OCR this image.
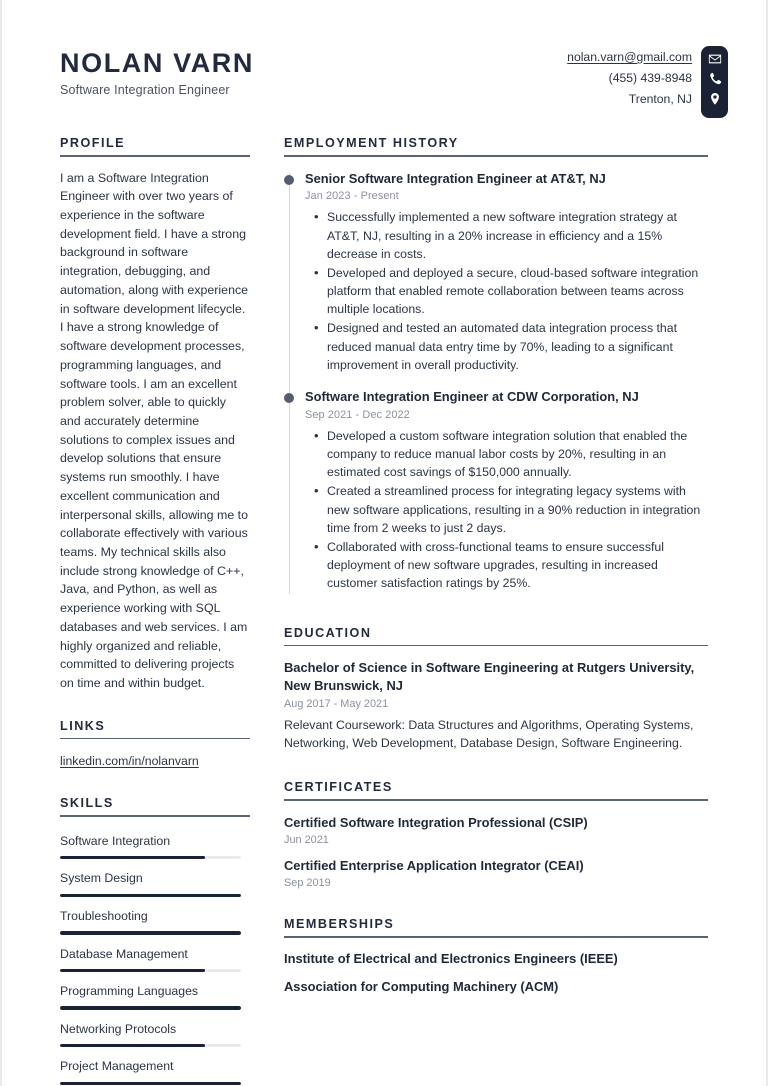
NOLAN VARN
Software Integration Engineer
nolan.varn@gmail.com
(455) 439-8948
Trenton, NJ
PROFILE
I am a Software Integration Engineer with over two years of experience in the software development field. I have a strong background in software integration, debugging, and automation, along with experience in software development lifecycle. I have a strong knowledge of software development processes, programming languages, and software tools. I am an excellent problem solver, able to quickly and accurately determine solutions to complex issues and develop solutions that ensure systems run smoothly. I have excellent communication and interpersonal skills, allowing me to collaborate effectively with various teams. My technical skills also include strong knowledge of C++, Java, and Python, as well as experience working with SQL databases and web services. I am highly organized and reliable, committed to delivering projects on time and within budget.
LINKS
linkedin.com/in/nolanvarn
SKILLS
Software Integration
System Design
Troubleshooting
Database Management
Programming Languages
Networking Protocols
Project Management
EMPLOYMENT HISTORY
Senior Software Integration Engineer at AT&T, NJ
Jan 2023 - Present
• Successfully implemented a new software integration strategy at AT&T, NJ, resulting in a 20% increase in efficiency and a 15% decrease in costs.
• Developed and deployed a secure, cloud-based software integration platform that enabled remote collaboration between teams across multiple locations.
• Designed and tested an automated data integration process that reduced manual data entry time by 70%, leading to a significant improvement in overall productivity.
Software Integration Engineer at CDW Corporation, NJ
Sep 2021 - Dec 2022
• Developed a custom software integration solution that enabled the company to reduce manual labor costs by 20%, resulting in an estimated cost savings of $150,000 annually.
• Created a streamlined process for integrating legacy systems with new software applications, resulting in a 90% reduction in integration time from 2 weeks to just 2 days.
• Collaborated with cross-functional teams to ensure successful deployment of new software upgrades, resulting in increased customer satisfaction ratings by 25%.
EDUCATION
Bachelor of Science in Software Engineering at Rutgers University, New Brunswick, NJ
Aug 2017 - May 2021
Relevant Coursework: Data Structures and Algorithms, Operating Systems, Networking, Web Development, Database Design, Software Engineering.
CERTIFICATES
Certified Software Integration Professional (CSIP)
Jun 2021
Certified Enterprise Application Integrator (CEAI)
Sep 2019
MEMBERSHIPS
Institute of Electrical and Electronics Engineers (IEEE)
Association for Computing Machinery (ACM)
